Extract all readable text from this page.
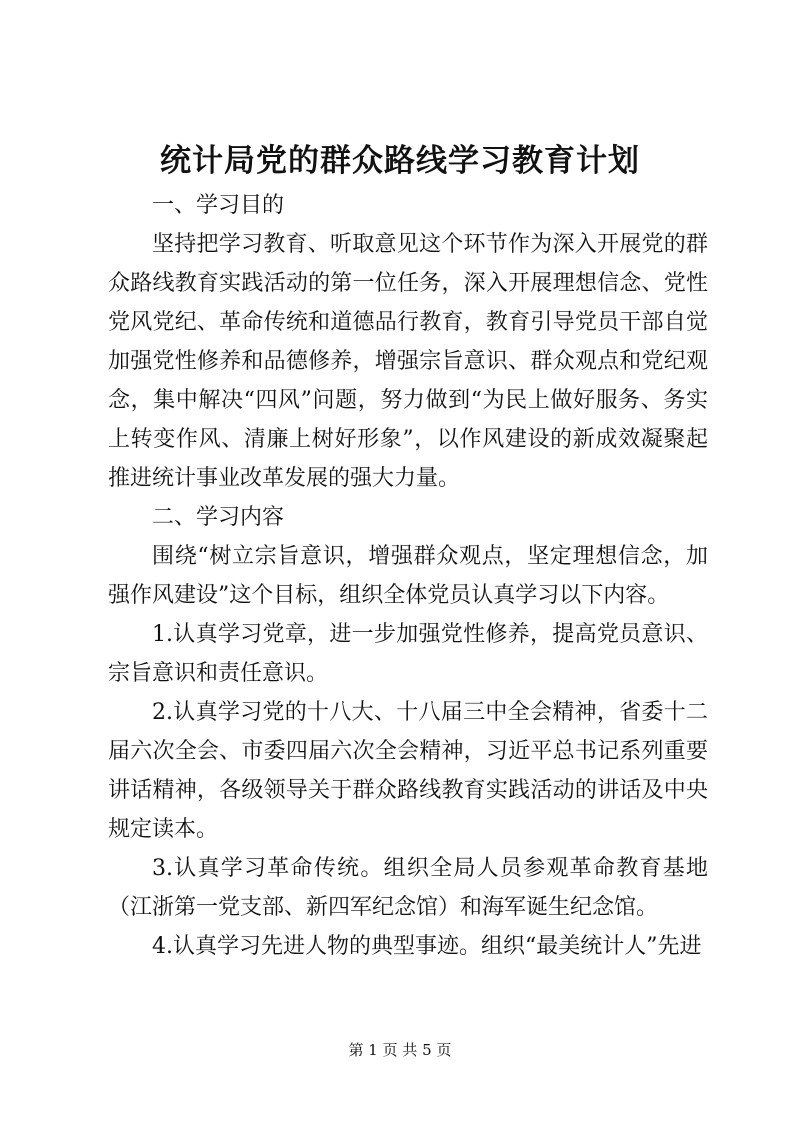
统计局党的群众路线学习教育计划

一、学习目的

坚持把学习教育、听取意见这个环节作为深入开展党的群众路线教育实践活动的第一位任务，深入开展理想信念、党性党风党纪、革命传统和道德品行教育，教育引导党员干部自觉加强党性修养和品德修养，增强宗旨意识、群众观点和党纪观念，集中解决“四风”问题，努力做到“为民上做好服务、务实上转变作风、清廉上树好形象”，以作风建设的新成效凝聚起推进统计事业改革发展的强大力量。

二、学习内容

围绕“树立宗旨意识，增强群众观点，坚定理想信念，加强作风建设”这个目标，组织全体党员认真学习以下内容。

1.认真学习党章，进一步加强党性修养，提高党员意识、宗旨意识和责任意识。

2.认真学习党的十八大、十八届三中全会精神，省委十二届六次全会、市委四届六次全会精神，习近平总书记系列重要讲话精神，各级领导关于群众路线教育实践活动的讲话及中央规定读本。

3.认真学习革命传统。组织全局人员参观革命教育基地（江浙第一党支部、新四军纪念馆）和海军诞生纪念馆。

4.认真学习先进人物的典型事迹。组织“最美统计人”先进

第 1 页 共 5 页
